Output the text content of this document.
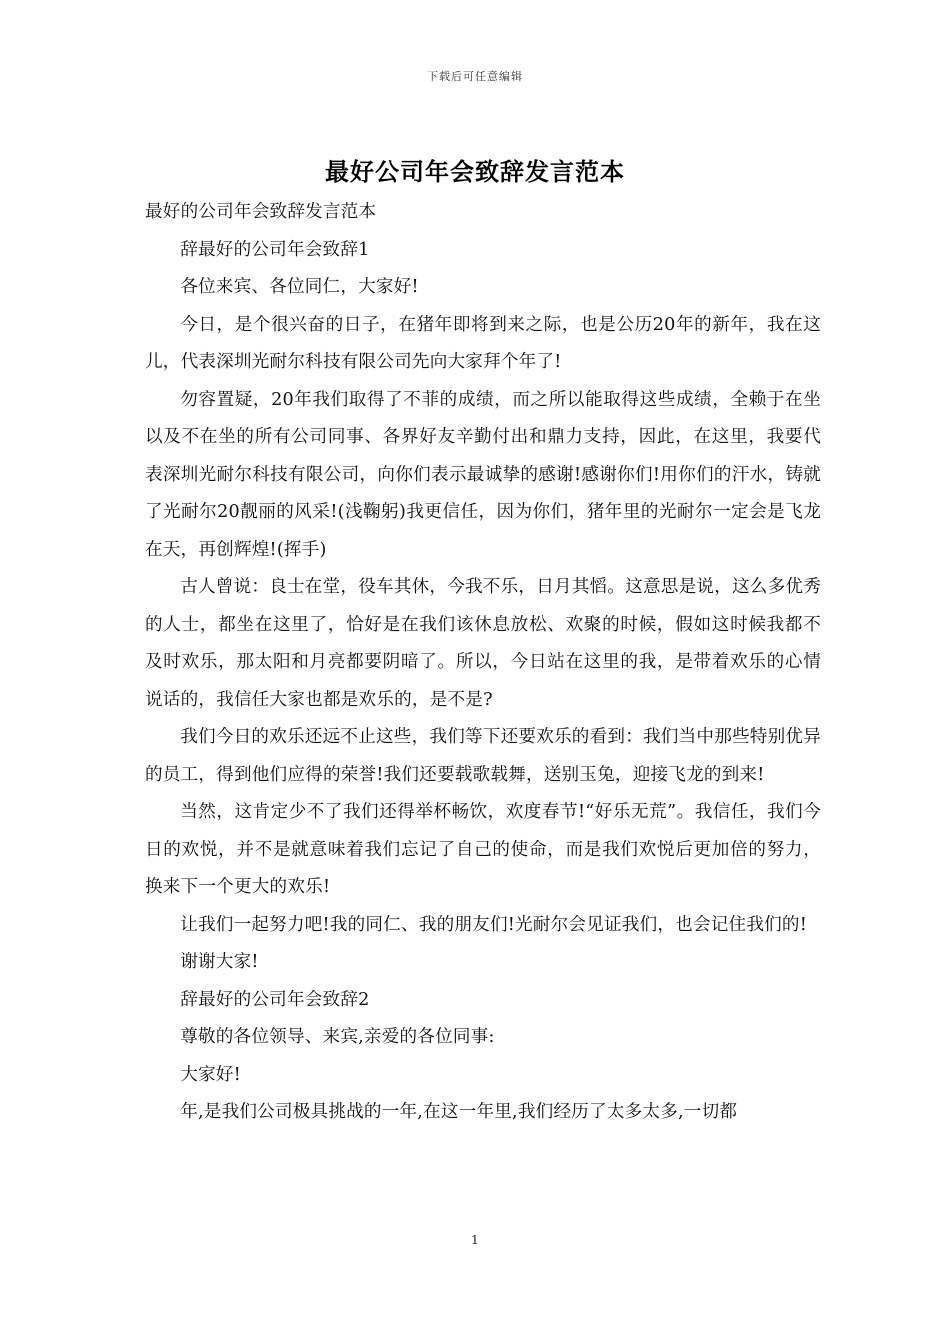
下载后可任意编辑
最好公司年会致辞发言范本

最好的公司年会致辞发言范本

辞最好的公司年会致辞1

各位来宾、各位同仁，大家好!

今日，是个很兴奋的日子，在猪年即将到来之际，也是公历20年的新年，我在这儿，代表深圳光耐尔科技有限公司先向大家拜个年了!

勿容置疑，20年我们取得了不菲的成绩，而之所以能取得这些成绩，全赖于在坐以及不在坐的所有公司同事、各界好友辛勤付出和鼎力支持，因此，在这里，我要代表深圳光耐尔科技有限公司，向你们表示最诚挚的感谢!感谢你们!用你们的汗水，铸就了光耐尔20靓丽的风采!(浅鞠躬)我更信任，因为你们，猪年里的光耐尔一定会是飞龙在天，再创辉煌!(挥手)

古人曾说：良士在堂，役车其休，今我不乐，日月其慆。这意思是说，这么多优秀的人士，都坐在这里了，恰好是在我们该休息放松、欢聚的时候，假如这时候我都不及时欢乐，那太阳和月亮都要阴暗了。所以，今日站在这里的我，是带着欢乐的心情说话的，我信任大家也都是欢乐的，是不是?

我们今日的欢乐还远不止这些，我们等下还要欢乐的看到：我们当中那些特别优异的员工，得到他们应得的荣誉!我们还要载歌载舞，送别玉兔，迎接飞龙的到来!

当然，这肯定少不了我们还得举杯畅饮，欢度春节!“好乐无荒”。我信任，我们今日的欢悦，并不是就意味着我们忘记了自己的使命，而是我们欢悦后更加倍的努力，换来下一个更大的欢乐!

让我们一起努力吧!我的同仁、我的朋友们!光耐尔会见证我们，也会记住我们的!

谢谢大家!

辞最好的公司年会致辞2

尊敬的各位领导、来宾,亲爱的各位同事:

大家好!

年,是我们公司极具挑战的一年,在这一年里,我们经历了太多太多,一切都

1
